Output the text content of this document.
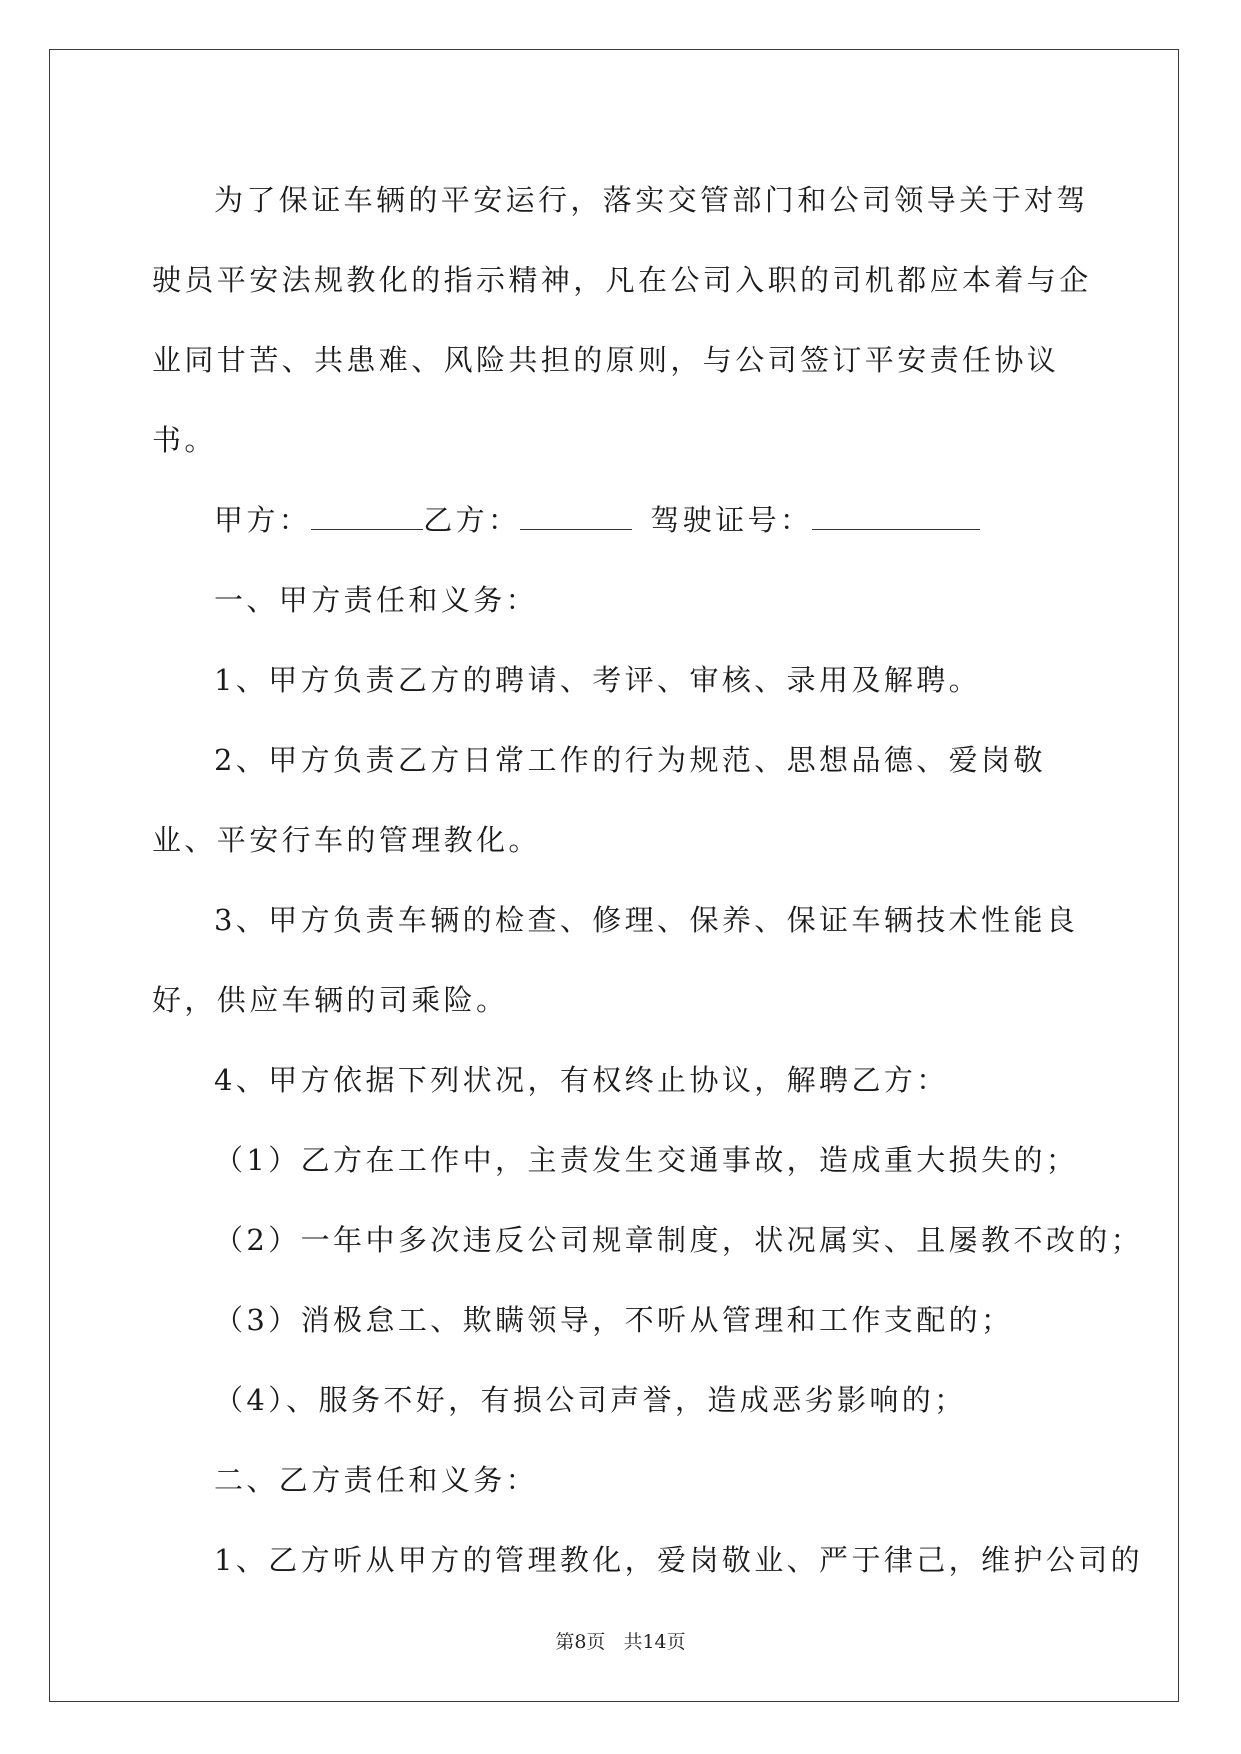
为了保证车辆的平安运行，落实交管部门和公司领导关于对驾驶员平安法规教化的指示精神，凡在公司入职的司机都应本着与企业同甘苦、共患难、风险共担的原则，与公司签订平安责任协议书。

甲方：	乙方：	驾驶证号：

一、甲方责任和义务：

1、甲方负责乙方的聘请、考评、审核、录用及解聘。

2、甲方负责乙方日常工作的行为规范、思想品德、爱岗敬业、平安行车的管理教化。

3、甲方负责车辆的检查、修理、保养、保证车辆技术性能良好，供应车辆的司乘险。

4、甲方依据下列状况，有权终止协议，解聘乙方：

（1）乙方在工作中，主责发生交通事故，造成重大损失的；

（2）一年中多次违反公司规章制度，状况属实、且屡教不改的；

（3）消极怠工、欺瞒领导，不听从管理和工作支配的；

（4）、服务不好，有损公司声誉，造成恶劣影响的；

二、乙方责任和义务：

1、乙方听从甲方的管理教化，爱岗敬业、严于律己，维护公司的

第8页 共14页
